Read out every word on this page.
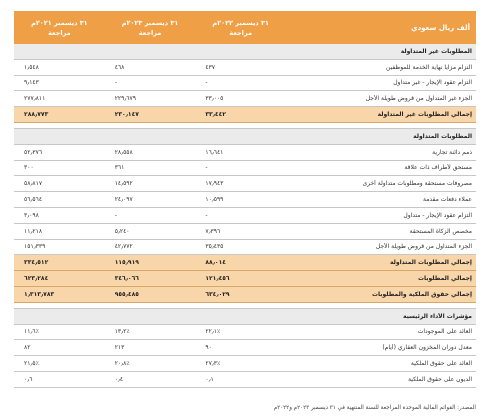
ألف ريال سعودي
٣١ ديسمبر ٢٠٢٢م
مراجعة
٣١ ديسمبر ٢٠٢٣م
مراجعة
٣١ ديسمبر ٢٠٢١م
مراجعة
المطلوبات غير المتداولة
التزام مزايا نهاية الخدمة للموظفين
٤٣٧
٤٦٨
١٫٥٤٨
التزام عقود الإيجار - غير متداول
-
-
٩٫١٤٣
الجزء غير المتداول من قروض طويلة الأجل
٣٣٫٠٠٥
٢٢٩٫٦٧٩
٢٧٧٫٨١١
إجمالي المطلوبات غير المتداولة
٣٣٫٤٤٢
٢٣٠٫١٤٧
٢٨٨٫٧٧٣
المطلوبات المتداولة
ذمم دائنة تجارية
١٦٫٦٤١
٢٨٫٥٥٨
٥٢٫٣٧٦
مستحق لأطراف ذات علاقة
-
٣٦١
٣٠٠
مصروفات مستحقة ومطلوبات متداولة أخرى
١٧٫٩٤٣
١٤٫٥٩٢
٥٨٫٨١٧
عملاء دفعات مقدمة
١٠٫٥٩٩
٢٤٫٠٩٧
٥٦٫٥٦٤
التزام عقود الإيجار - متداول
-
-
٣٫٠٩٨
مخصص الزكاة المستحقة
٧٫٣٩٦
٥٫٢٤٠
١١٫٢١٨
الجزء المتداول من قروض طويلة الأجل
٣٥٫٤٣٥
٤٢٫٧٧٢
١٥١٫٣٣٩
إجمالي المطلوبات المتداولة
٨٨٫٠١٤
١١٥٫٩١٩
٣٣٤٫٥١٢
إجمالي المطلوبات
١٢١٫٤٥٦
٣٤٦٫٠٦٦
٦٢٣٫٢٨٤
إجمالي حقوق الملكية والمطلوبات
٦٣٤٫٠٢٩
٩٥٥٫٤٨٥
١٫٣١٣٫٧٨٣
مؤشرات الأداء الرئيسية
العائد على الموجودات
٢٢٫١٪
١٣٫٢٪
١١٫٦٪
معدل دوران المخزون العقاري (أيام)
٩٠
٢١٣
٨٢
العائد على حقوق الملكية
٢٧٫٣٪
٢٠٫٨٪
٢١٫٥٪
الديون على حقوق الملكية
٠٫١
٠٫٤
٠٫٦
المصدر: القوائم المالية الموحدة المراجعة للسنة المنتهية في ٣١ ديسمبر ٢٠٢٣م و٢٠٢٢م
